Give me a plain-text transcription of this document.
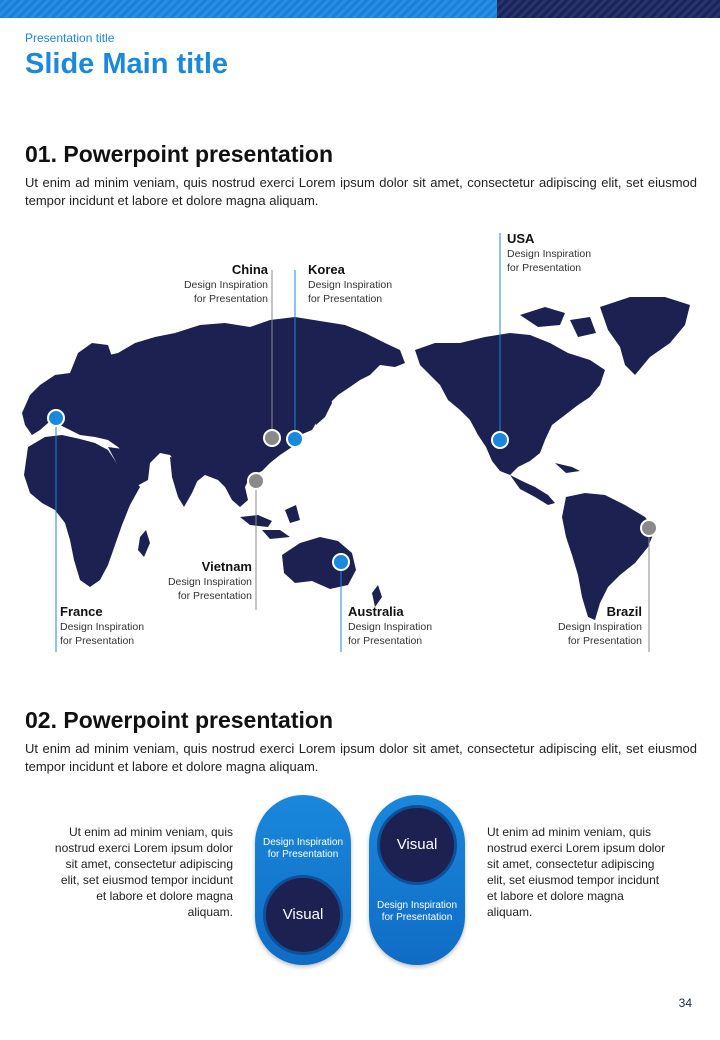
Presentation title
Slide Main title
01. Powerpoint presentation
Ut enim ad minim veniam, quis nostrud exerci Lorem ipsum dolor sit amet, consectetur adipiscing elit, set eiusmod tempor incidunt et labore et dolore magna aliquam.
China
Design Inspiration
for Presentation
Korea
Design Inspiration
for Presentation
USA
Design Inspiration
for Presentation
Vietnam
Design Inspiration
for Presentation
France
Design Inspiration
for Presentation
Australia
Design Inspiration
for Presentation
Brazil
Design Inspiration
for Presentation
02. Powerpoint presentation
Ut enim ad minim veniam, quis nostrud exerci Lorem ipsum dolor sit amet, consectetur adipiscing elit, set eiusmod tempor incidunt et labore et dolore magna aliquam.
Ut enim ad minim veniam, quis nostrud exerci Lorem ipsum dolor sit amet, consectetur adipiscing elit, set eiusmod tempor incidunt et labore et dolore magna aliquam.
Design Inspiration
for Presentation
Visual
Visual
Design Inspiration
for Presentation
Ut enim ad minim veniam, quis nostrud exerci Lorem ipsum dolor sit amet, consectetur adipiscing elit, set eiusmod tempor incidunt et labore et dolore magna aliquam.
34
